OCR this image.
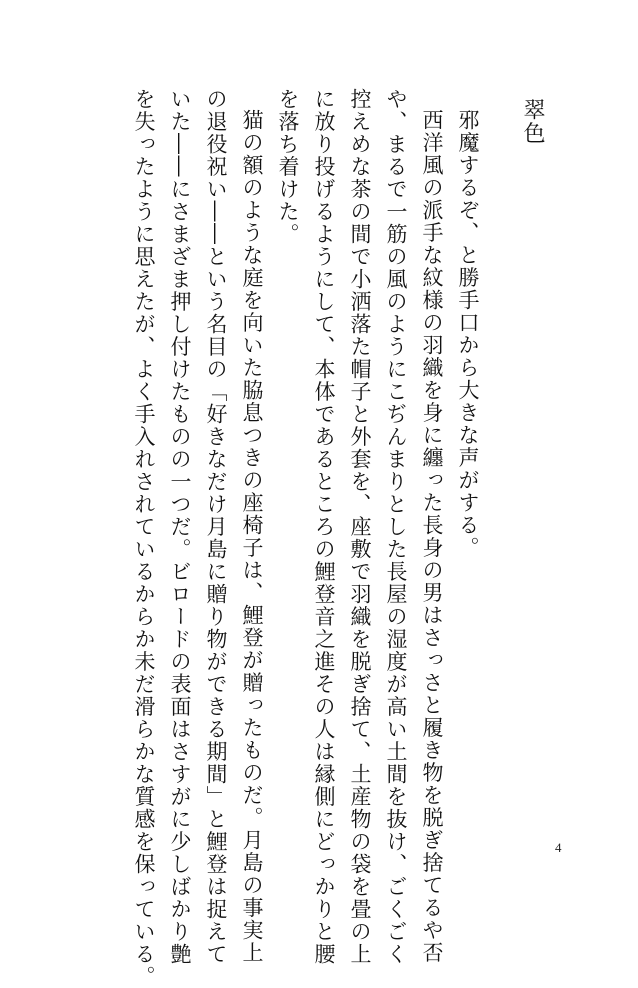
翠色
邪魔するぞ、と勝手口から大きな声がする。
西洋風の派手な紋様の羽織を身に纏った長身の男はさっさと履き物を脱ぎ捨てるや否
や、まるで一筋の風のようにこぢんまりとした長屋の湿度が高い土間を抜け、ごくごく
控えめな茶の間で小洒落た帽子と外套を、座敷で羽織を脱ぎ捨て、土産物の袋を畳の上
に放り投げるようにして、本体であるところの鯉登音之進その人は縁側にどっかりと腰
を落ち着けた。
猫の額のような庭を向いた脇息つきの座椅子は、鯉登が贈ったものだ。月島の事実上
の退役祝い――という名目の「好きなだけ月島に贈り物ができる期間」と鯉登は捉えて
いた――にさまざま押し付けたものの一つだ。ビロードの表面はさすがに少しばかり艶
を失ったように思えたが、よく手入れされているからか未だ滑らかな質感を保っている。	4
